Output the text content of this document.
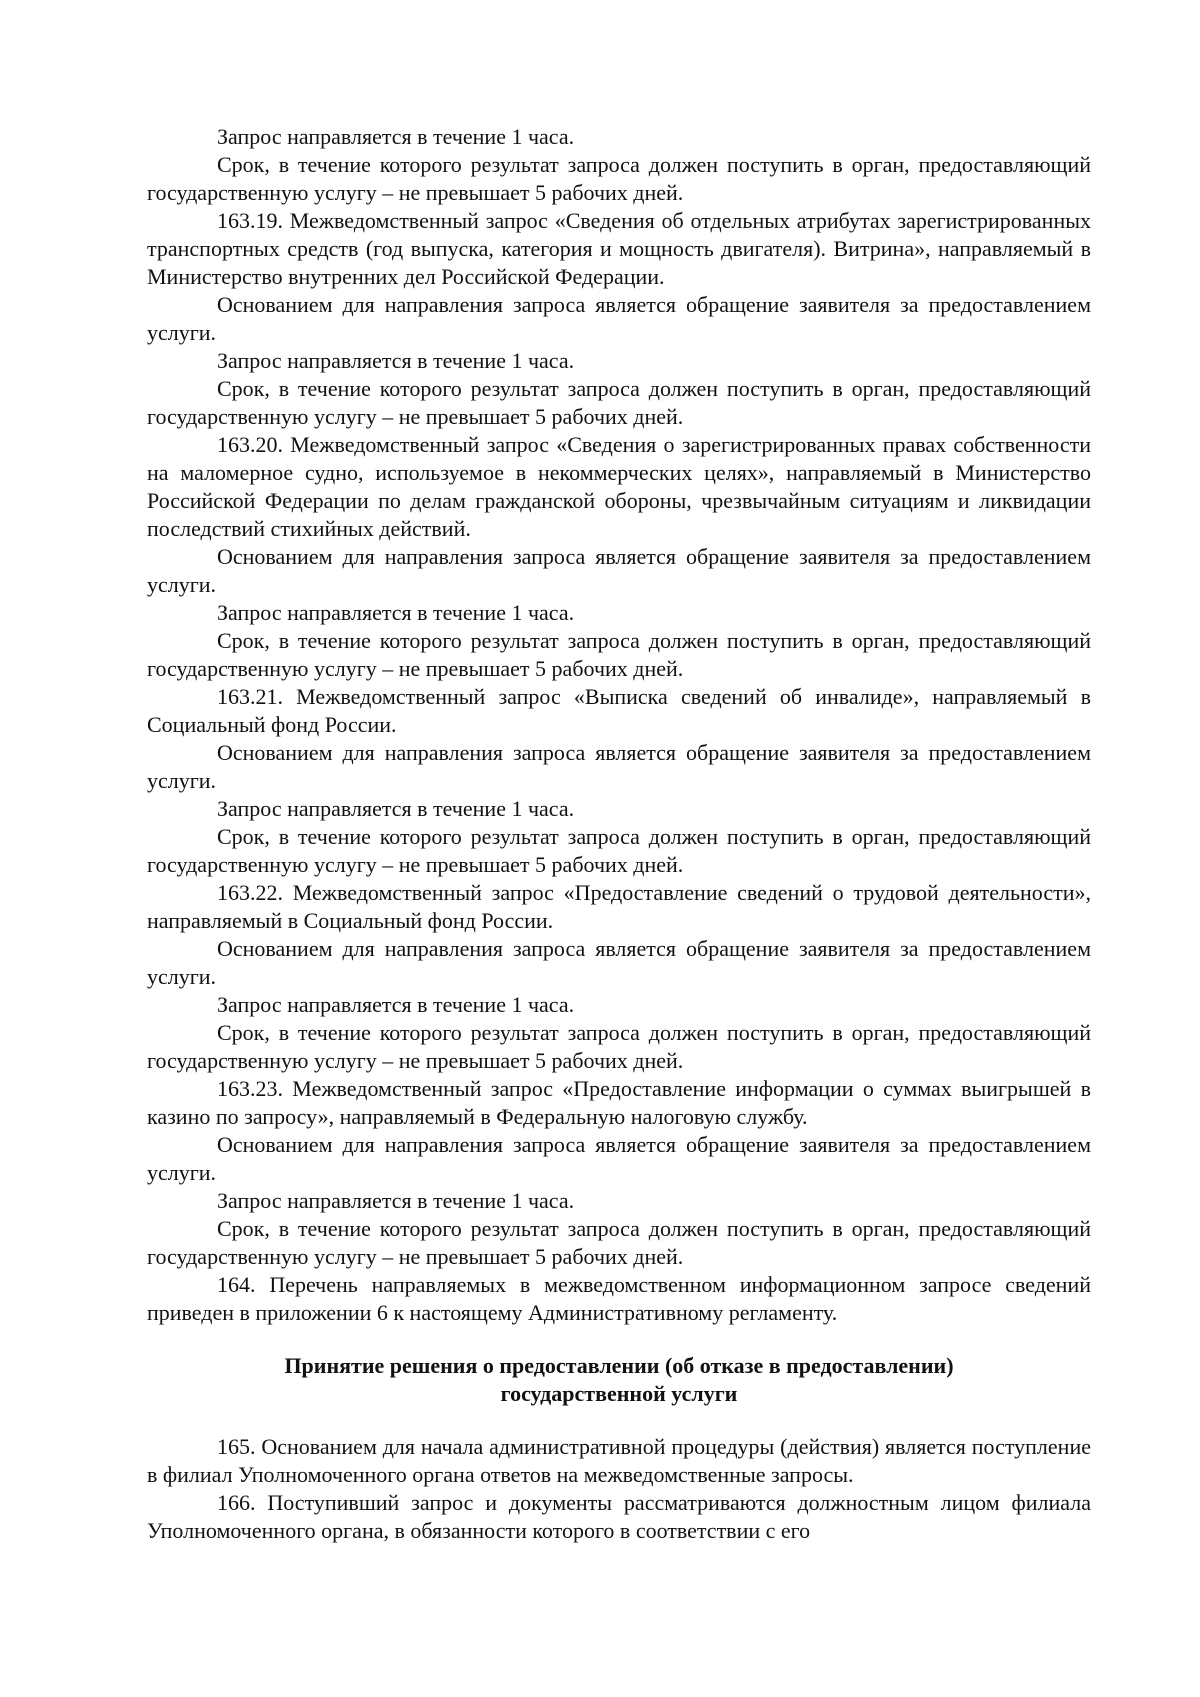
Запрос направляется в течение 1 часа.

Срок, в течение которого результат запроса должен поступить в орган, предоставляющий государственную услугу – не превышает 5 рабочих дней.

163.19. Межведомственный запрос «Сведения об отдельных атрибутах зарегистрированных транспортных средств (год выпуска, категория и мощность двигателя). Витрина», направляемый в Министерство внутренних дел Российской Федерации.

Основанием для направления запроса является обращение заявителя за предоставлением услуги.

Запрос направляется в течение 1 часа.

Срок, в течение которого результат запроса должен поступить в орган, предоставляющий государственную услугу – не превышает 5 рабочих дней.

163.20. Межведомственный запрос «Сведения о зарегистрированных правах собственности на маломерное судно, используемое в некоммерческих целях», направляемый в Министерство Российской Федерации по делам гражданской обороны, чрезвычайным ситуациям и ликвидации последствий стихийных действий.

Основанием для направления запроса является обращение заявителя за предоставлением услуги.

Запрос направляется в течение 1 часа.

Срок, в течение которого результат запроса должен поступить в орган, предоставляющий государственную услугу – не превышает 5 рабочих дней.

163.21. Межведомственный запрос «Выписка сведений об инвалиде», направляемый в Социальный фонд России.

Основанием для направления запроса является обращение заявителя за предоставлением услуги.

Запрос направляется в течение 1 часа.

Срок, в течение которого результат запроса должен поступить в орган, предоставляющий государственную услугу – не превышает 5 рабочих дней.

163.22. Межведомственный запрос «Предоставление сведений о трудовой деятельности», направляемый в Социальный фонд России.

Основанием для направления запроса является обращение заявителя за предоставлением услуги.

Запрос направляется в течение 1 часа.

Срок, в течение которого результат запроса должен поступить в орган, предоставляющий государственную услугу – не превышает 5 рабочих дней.

163.23. Межведомственный запрос «Предоставление информации о суммах выигрышей в казино по запросу», направляемый в Федеральную налоговую службу.

Основанием для направления запроса является обращение заявителя за предоставлением услуги.

Запрос направляется в течение 1 часа.

Срок, в течение которого результат запроса должен поступить в орган, предоставляющий государственную услугу – не превышает 5 рабочих дней.

164. Перечень направляемых в межведомственном информационном запросе сведений приведен в приложении 6 к настоящему Административному регламенту.

Принятие решения о предоставлении (об отказе в предоставлении)
государственной услуги

165. Основанием для начала административной процедуры (действия) является поступление в филиал Уполномоченного органа ответов на межведомственные запросы.

166. Поступивший запрос и документы рассматриваются должностным лицом филиала Уполномоченного органа, в обязанности которого в соответствии с его
